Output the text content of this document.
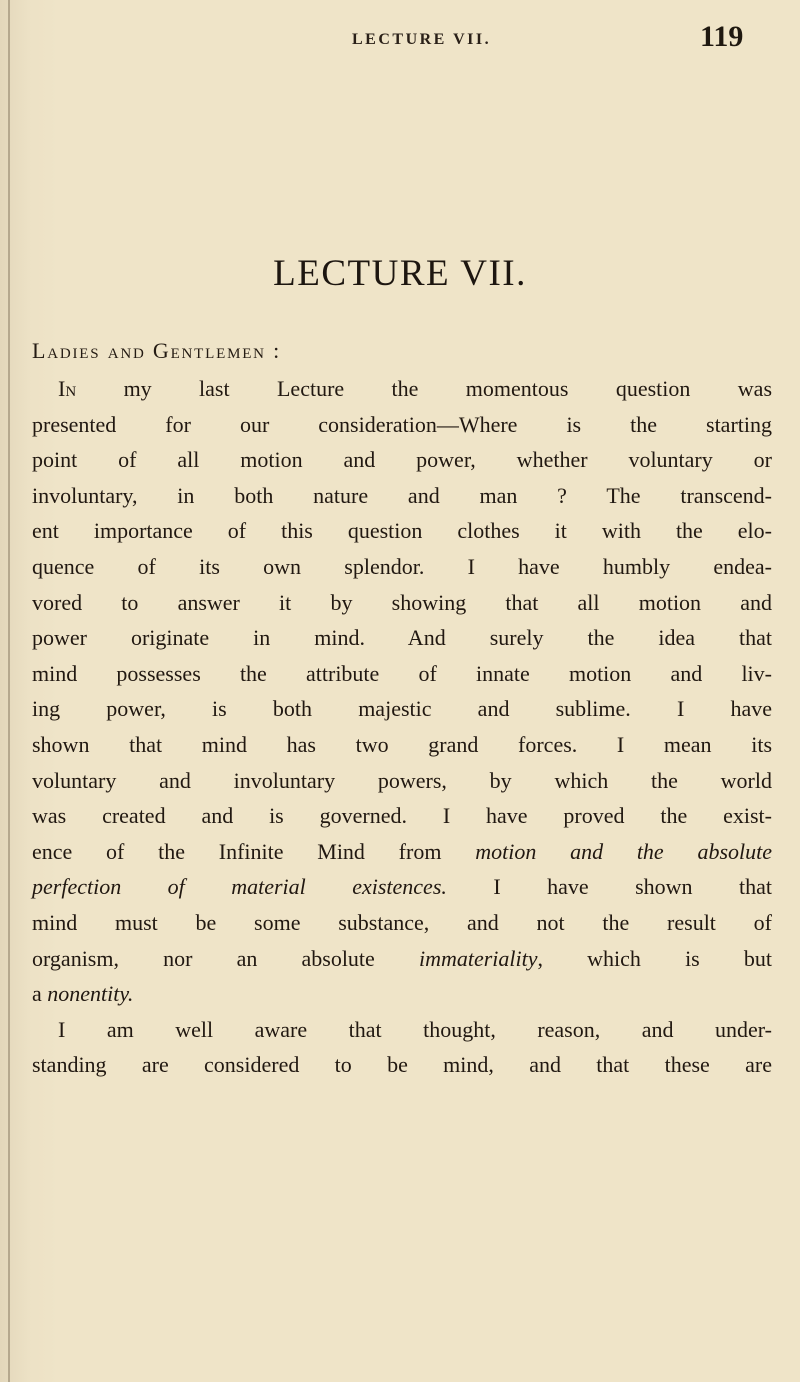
LECTURE VII.	119
LECTURE VII.
Ladies and Gentlemen :

In my last Lecture the momentous question was
presented for our consideration—Where is the starting
point of all motion and power, whether voluntary or
involuntary, in both nature and man ? The transcend-
ent importance of this question clothes it with the elo-
quence of its own splendor. I have humbly endea-
vored to answer it by showing that all motion and
power originate in mind. And surely the idea that
mind possesses the attribute of innate motion and liv-
ing power, is both majestic and sublime. I have
shown that mind has two grand forces. I mean its
voluntary and involuntary powers, by which the world
was created and is governed. I have proved the exist-
ence of the Infinite Mind from motion and the absolute
perfection of material existences. I have shown that
mind must be some substance, and not the result of
organism, nor an absolute immateriality, which is but
a nonentity.

I am well aware that thought, reason, and under-
standing are considered to be mind, and that these are
